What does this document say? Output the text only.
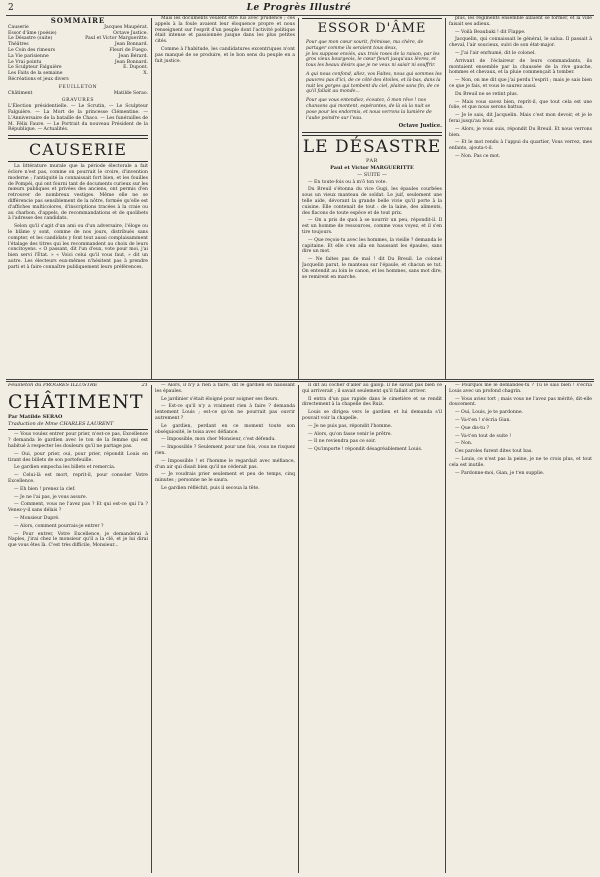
2	Le Progrès Illustré
SOMMAIRE
Causerie	Jacques Maupérat.
Essor d'âme (poésie)	Octave Justice.
Le Désastre (suite)	Paul et Victor Margueritte.
Théâtres	Jean Bonnard.
Le Coin des rimeurs	Fleuri de Fuego.
La Vie parisienne	Jean Bérard.
Le Vrai pointu	Jean Bonnard.
Le Sculpteur Falguière	E. Dupont.
Les Faits de la semaine	X.
Récréations et jeux divers
FEUILLETON
Châtiment	Matilde Serao.
GRAVURES
L'Élection présidentielle. — Le Scrutin, — Le Sculpteur Falguière. — La Mort de la princesse Clémentine. — L'Anniversaire de la bataille de Chaco. — Les funérailles de M. Félix Faure. — Le Portrait du nouveau Président de la République. — Actualités.
CAUSERIE
La littérature murale que la période électorale a fait éclore n'est pas, comme on pourrait le croire, d'invention moderne ; l'antiquité la connaissait fort bien, et les fouilles de Pompéi, qui ont fourni tant de documents curieux sur les mœurs publiques et privées des anciens, ont permis d'en retrouver de nombreux vestiges. Même elle ne se différencie pas sensiblement de la nôtre, formée qu'elle est d'affiches multicolores, d'inscriptions tracées à la craie ou au charbon, d'appels, de recommandations et de quolibets à l'adresse des candidats.
Selon qu'il s'agit d'un ami ou d'un adversaire, l'éloge ou le blâme y sont, comme de nos jours, distribués sans compter, et les candidats y font tout aussi complaisamment l'étalage des titres qui les recommandent au choix de leurs concitoyens. « O passant, dit l'un d'eux, vote pour moi, j'ai bien servi l'État. » « Voici celui qu'il vous faut, » dit un autre. Les électeurs eux-mêmes n'hésitent pas à prendre parti et à faire connaître publiquement leurs préférences.
Mais les documents veulent être lus avec prudence ; ces appels à la foule avaient leur éloquence propre et nous renseignent sur l'esprit d'un peuple dont l'activité politique était intense et passionnée jusque dans les plus petites cités.
Comme à l'habitude, les candidatures excentriques n'ont pas manqué de se produire, et le bon sens du peuple en a fait justice.
ESSOR D'ÂME
Pour que mon cœur sourit, frémisse, ma chère, de partager comme ils seraient tous deux,
je les suppose enviés, aux trois roses de la raison, par les gros vieux bourgeois, le cœur fleuri jusqu'aux lèvres, et tous les beaux désirs que je ne veux ni saisir ni souffrir.
A qui nous confond, allez, vos Faites, nous qui sommes les pauvres pas d'ici, de ce côté des étoiles, et là-bas, dans la nuit les gorges qui tombent du ciel, plaine sans fin, de ce qu'il fallait au monde...
Pour que vous entendiez, écoutez, ô mon rêve ! nos chansons qui montent, espérantes, de là où la nuit se pose pour les endormis, et nous verrons la lumière de l'aube poindre sur l'eau.
Octave Justice.
LE DÉSASTRE
PAR
Paul et Victor MARGUERITTE
— SUITE —
— En toute-fois ou à m'ô ton vote.
Du Breuil s'étonna du vice Gugi, les épaules courbées sous un vieux manteau de soldat. Le juif, seulement une telle aide, dévorant la grande belle vivie qu'il porte à la cuisine. Elle contenait de tout : de la laine, des aliments, des flacons de toute espèce et de tout prix.
— On a pris de quoi à se nourrir un peu, répondit-il. Il est un homme de ressources, comme vous voyez, et il s'en tire toujours.
— Que reçois-tu avec les hommes, la vieille ? demanda le capitaine. Et elle s'en alla en haussant les épaules, sans dire un mot.
— Ne faites pas de mal ! dit Du Breuil. Le colonel Jacquelin parut, le manteau sur l'épaule, et chacun se tut. On entendit au loin le canon, et les hommes, sans mot dire, se remirent en marche.
plus, les régiments ensemble allaient se former, et la ville faisait ses adieux.
— Voilà Beaubaki ! dit Flappe.
Jacquelin, qui connaissait le général, le salua. Il passait à cheval, l'air soucieux, suivi de son état-major.
— J'ai l'air enrhumé, dit le colonel.
Arrivant de l'éclaireur de leurs commandants, ils montaient ensemble par la chaussée de la rive gauche, hommes et chevaux, et la pluie commençait à tomber.
— Non, on me dit que j'ai perdu l'esprit ; mais je sais bien ce que je fais, et vous le saurez aussi.
Du Breuil ne se retint plus.
— Mais vous savez bien, reprit-il, que tout cela est une folie, et que nous serons battus.
— Je le sais, dit Jacquelin. Mais c'est mon devoir, et je le ferai jusqu'au bout.
— Alors, je vous suis, répondit Du Breuil. Et nous verrons bien.
— Et le mot rendu à l'appui du quartier, Vous verrez, mes enfants, ajouta-t-il.
— Non. Pas ce mot.
Feuilleton du PROGRÈS ILLUSTRÉ	21
CHÂTIMENT
Par Matilde SERAO
Traduction de Mme CHARLES LAURENT
— Vous voulez entrer pour prier, n'est-ce pas, Excellence ? demanda le gardien avec le ton de la femme qui est habitué à respecter les douleurs qu'il ne partage pas.
— Oui, pour prier, oui, pour prier, répondit Louis en tirant des billets de son portefeuille.
Le gardien empocha les billets et remercia.
— Celui-là est mort, reprit-il, pour consoler Votre Excellence.
— Eh bien ! prenez la clef.
— Je ne l'ai pas, je vous assure.
— Comment, vous ne l'avez pas ? Et qui est-ce qui l'a ? Venez-y-il sans délais ?
— Monsieur Dupré.
— Alors, comment pourrais-je entrer ?
— Pour entrer, Votre Excellence, je demanderai à Naples, j'irai chez le monsieur qu'il a la clé, et je lui dirai que vous êtes là. C'est très difficile, Monsieur...
— Alors, il n'y a rien à faire, dit le gardien en haussant les épaules.
Le jardinier s'était éloigné pour soigner ses fleurs.
— Est-ce qu'il n'y a vraiment rien à faire ? demanda lentement Louis ; est-ce qu'on ne pourrait pas ouvrir autrement ?
Le gardien, perdant en ce moment toute son obséquiosité, le toisa avec défiance.
— Impossible, mon cher Monsieur, c'est défendu.
— Impossible ? Seulement pour une fois, vous ne risquez rien.
— Impossible ! et l'homme le regardait avec méfiance, d'un air qui disait bien qu'il ne céderait pas.
— Je voudrais prier seulement et peu de temps, cinq minutes ; personne ne le saura.
Le gardien réfléchit, puis il secoua la tête.
Il dit au cocher d'aller au galop. Il ne savait pas bien ce qui arriverait ; il savait seulement qu'il fallait arriver.
Il entra d'un pas rapide dans le cimetière et se rendit directement à la chapelle des Ruiz.
Louis se dirigea vers le gardien et lui demanda s'il pouvait voir la chapelle.
— Je ne puis pas, répondit l'homme.
— Alors, qu'on fasse venir le prêtre.
— Il ne reviendra pas ce soir.
— Qu'importe ! répondit désagréablement Louis.
— Pourquoi me le demandes-tu ? Tu le sais bien ! s'écria Louis avec un profond chagrin.
— Vous aviez tort ; mais vous ne l'avez pas mérité, dit-elle doucement.
— Oui, Louis, je te pardonne.
— Va-t'en ! s'écria Gian.
— Que dis-tu ?
— Va-t'en tout de suite !
— Non.
Ces paroles furent dites tout bas.
— Louis, ce n'est pas la peine, je ne te crois plus, et tout cela est inutile.
— Pardonne-moi, Gian, je t'en supplie.
